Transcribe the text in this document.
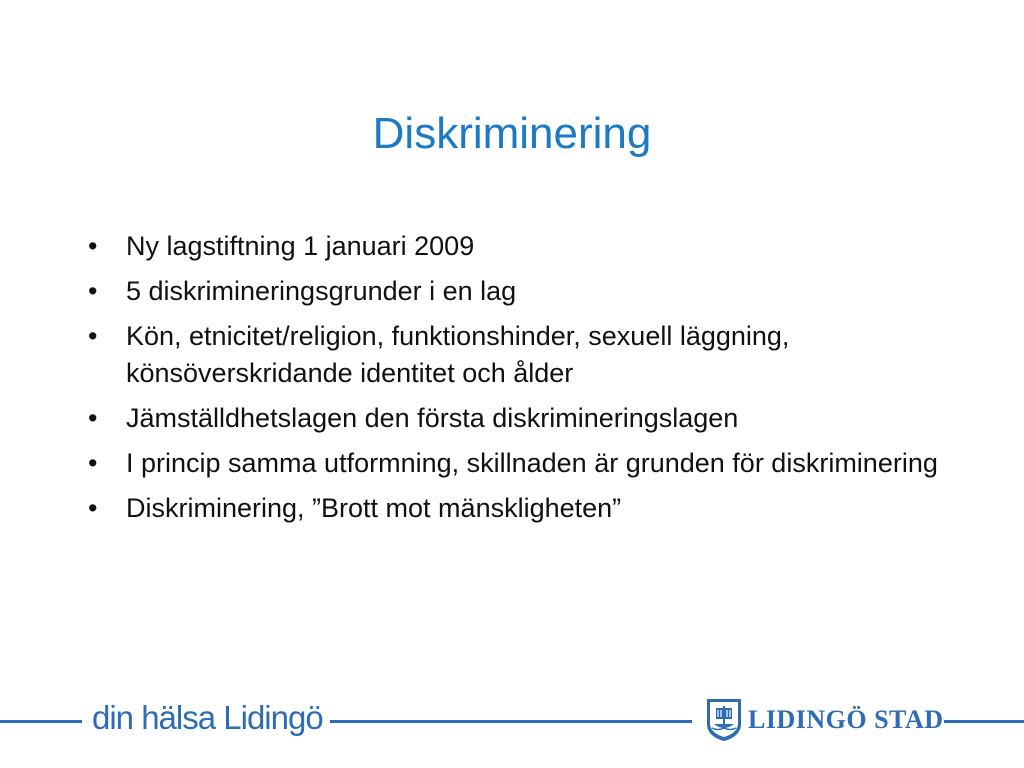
Diskriminering
•	Ny lagstiftning 1 januari 2009
•	5 diskrimineringsgrunder i en lag
•	Kön, etnicitet/religion, funktionshinder, sexuell läggning, könsöverskridande identitet och ålder
•	Jämställdhetslagen den första diskrimineringslagen
•	I princip samma utformning, skillnaden är grunden för diskriminering
•	Diskriminering, ”Brott mot mänskligheten”
din hälsa Lidingö	LIDINGÖ STAD
